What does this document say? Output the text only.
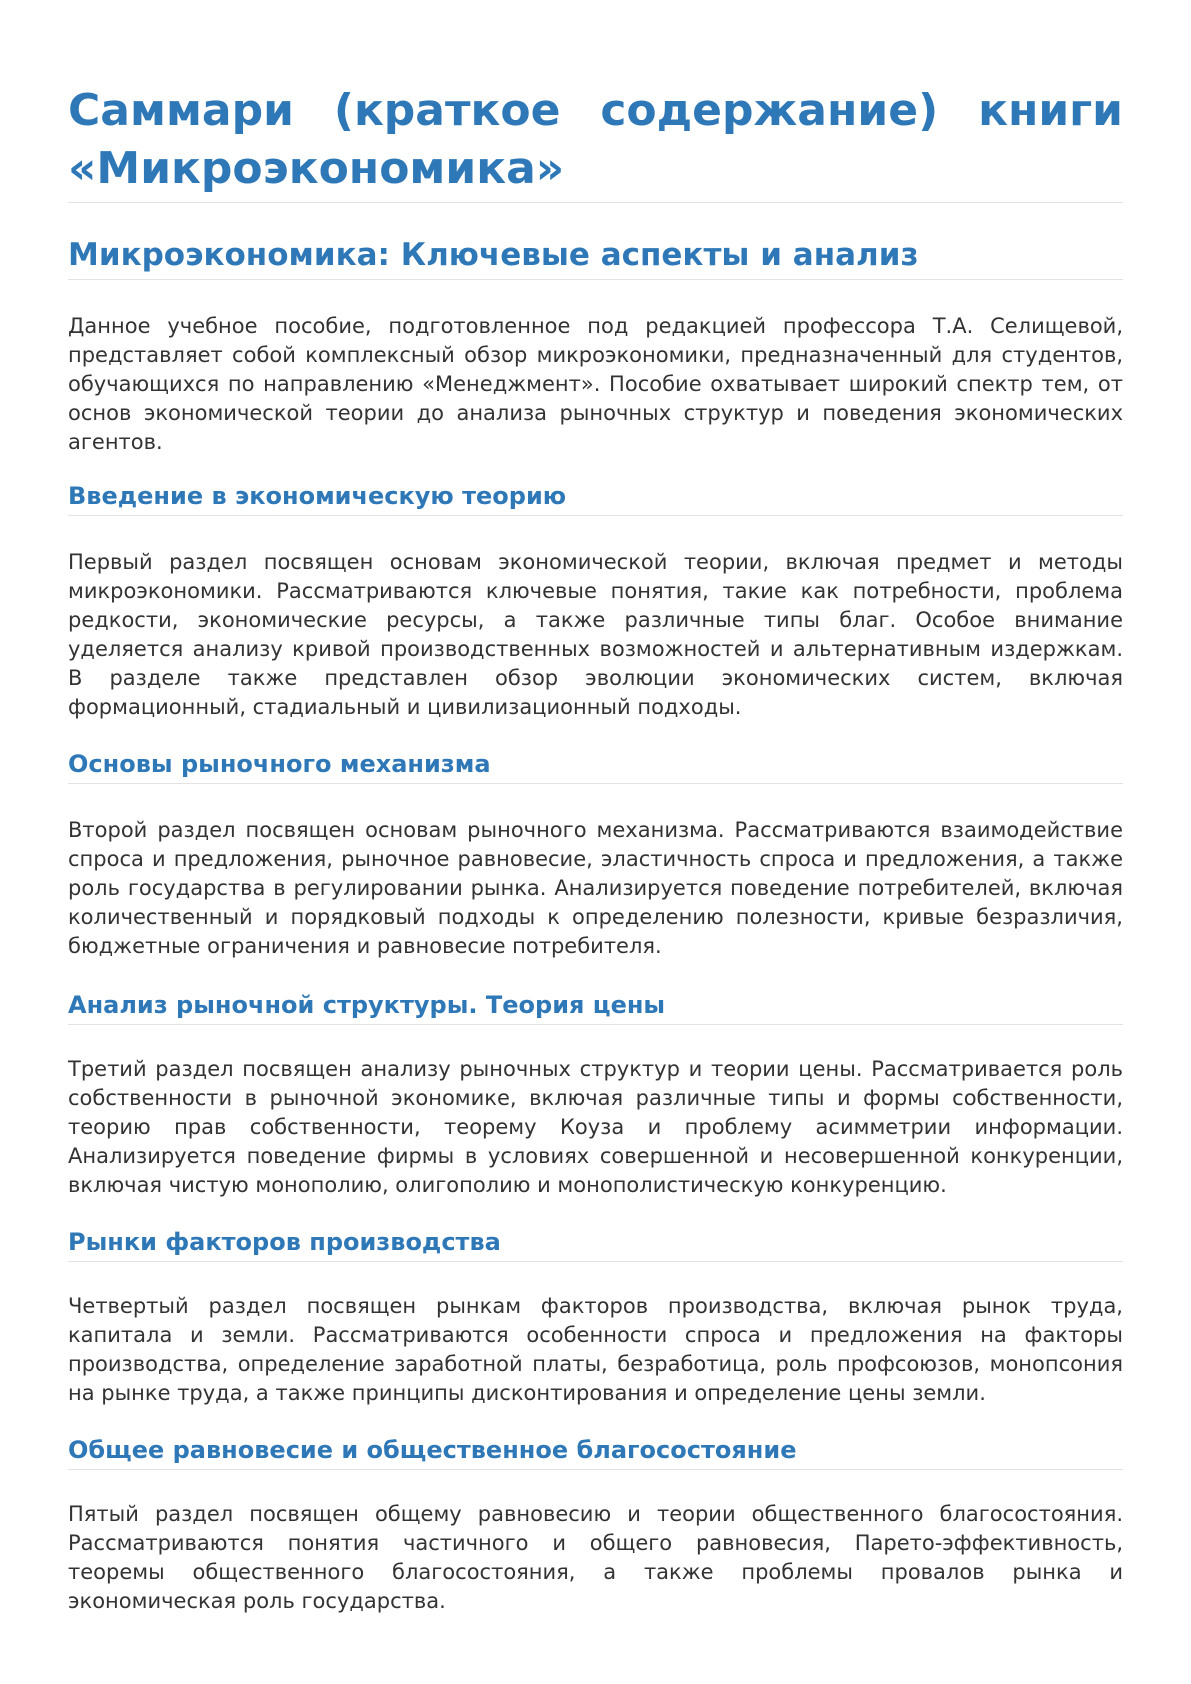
Саммари (краткое содержание) книги «Микроэкономика»
Микроэкономика: Ключевые аспекты и анализ

Данное учебное пособие, подготовленное под редакцией профессора Т.А. Селищевой, представляет собой комплексный обзор микроэкономики, предназначенный для студентов, обучающихся по направлению «Менеджмент». Пособие охватывает широкий спектр тем, от основ экономической теории до анализа рыночных структур и поведения экономических агентов.

Введение в экономическую теорию

Первый раздел посвящен основам экономической теории, включая предмет и методы микроэкономики. Рассматриваются ключевые понятия, такие как потребности, проблема редкости, экономические ресурсы, а также различные типы благ. Особое внимание уделяется анализу кривой производственных возможностей и альтернативным издержкам. В разделе также представлен обзор эволюции экономических систем, включая формационный, стадиальный и цивилизационный подходы.

Основы рыночного механизма

Второй раздел посвящен основам рыночного механизма. Рассматриваются взаимодействие спроса и предложения, рыночное равновесие, эластичность спроса и предложения, а также роль государства в регулировании рынка. Анализируется поведение потребителей, включая количественный и порядковый подходы к определению полезности, кривые безразличия, бюджетные ограничения и равновесие потребителя.

Анализ рыночной структуры. Теория цены

Третий раздел посвящен анализу рыночных структур и теории цены. Рассматривается роль собственности в рыночной экономике, включая различные типы и формы собственности, теорию прав собственности, теорему Коуза и проблему асимметрии информации. Анализируется поведение фирмы в условиях совершенной и несовершенной конкуренции, включая чистую монополию, олигополию и монополистическую конкуренцию.

Рынки факторов производства

Четвертый раздел посвящен рынкам факторов производства, включая рынок труда, капитала и земли. Рассматриваются особенности спроса и предложения на факторы производства, определение заработной платы, безработица, роль профсоюзов, монопсония на рынке труда, а также принципы дисконтирования и определение цены земли.

Общее равновесие и общественное благосостояние

Пятый раздел посвящен общему равновесию и теории общественного благосостояния. Рассматриваются понятия частичного и общего равновесия, Парето-эффективность, теоремы общественного благосостояния, а также проблемы провалов рынка и экономическая роль государства.
